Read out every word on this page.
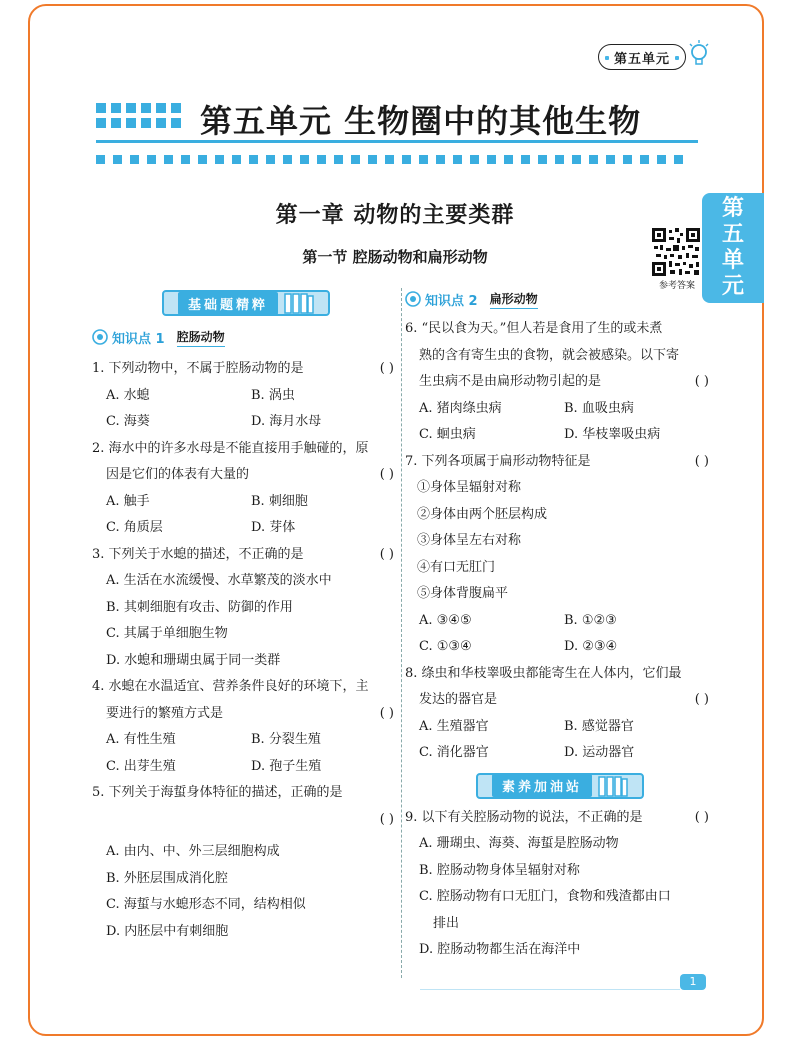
第五单元
第五单元 生物圈中的其他生物
第
五
单
元
第一章 动物的主要类群
第一节 腔肠动物和扁形动物
参考答案
基础题精粹
知识点 1 腔肠动物
1. 下列动物中，不属于腔肠动物的是	( )
A. 水螅	B. 涡虫
C. 海葵	D. 海月水母
2. 海水中的许多水母是不能直接用手触碰的，原
因是它们的体表有大量的	( )
A. 触手	B. 刺细胞
C. 角质层	D. 芽体
3. 下列关于水螅的描述，不正确的是	( )
A. 生活在水流缓慢、水草繁茂的淡水中
B. 其刺细胞有攻击、防御的作用
C. 其属于单细胞生物
D. 水螅和珊瑚虫属于同一类群
4. 水螅在水温适宜、营养条件良好的环境下，主
要进行的繁殖方式是	( )
A. 有性生殖	B. 分裂生殖
C. 出芽生殖	D. 孢子生殖
5. 下列关于海蜇身体特征的描述，正确的是
( )
A. 由内、中、外三层细胞构成
B. 外胚层围成消化腔
C. 海蜇与水螅形态不同，结构相似
D. 内胚层中有刺细胞
知识点 2 扁形动物
6. “民以食为天。”但人若是食用了生的或未煮
熟的含有寄生虫的食物，就会被感染。以下寄
生虫病不是由扁形动物引起的是	( )
A. 猪肉绦虫病	B. 血吸虫病
C. 蛔虫病	D. 华枝睾吸虫病
7. 下列各项属于扁形动物特征是	( )
①身体呈辐射对称
②身体由两个胚层构成
③身体呈左右对称
④有口无肛门
⑤身体背腹扁平
A. ③④⑤	B. ①②③
C. ①③④	D. ②③④
8. 绦虫和华枝睾吸虫都能寄生在人体内，它们最
发达的器官是	( )
A. 生殖器官	B. 感觉器官
C. 消化器官	D. 运动器官
素养加油站
9. 以下有关腔肠动物的说法，不正确的是	( )
A. 珊瑚虫、海葵、海蜇是腔肠动物
B. 腔肠动物身体呈辐射对称
C. 腔肠动物有口无肛门，食物和残渣都由口
排出
D. 腔肠动物都生活在海洋中
1
